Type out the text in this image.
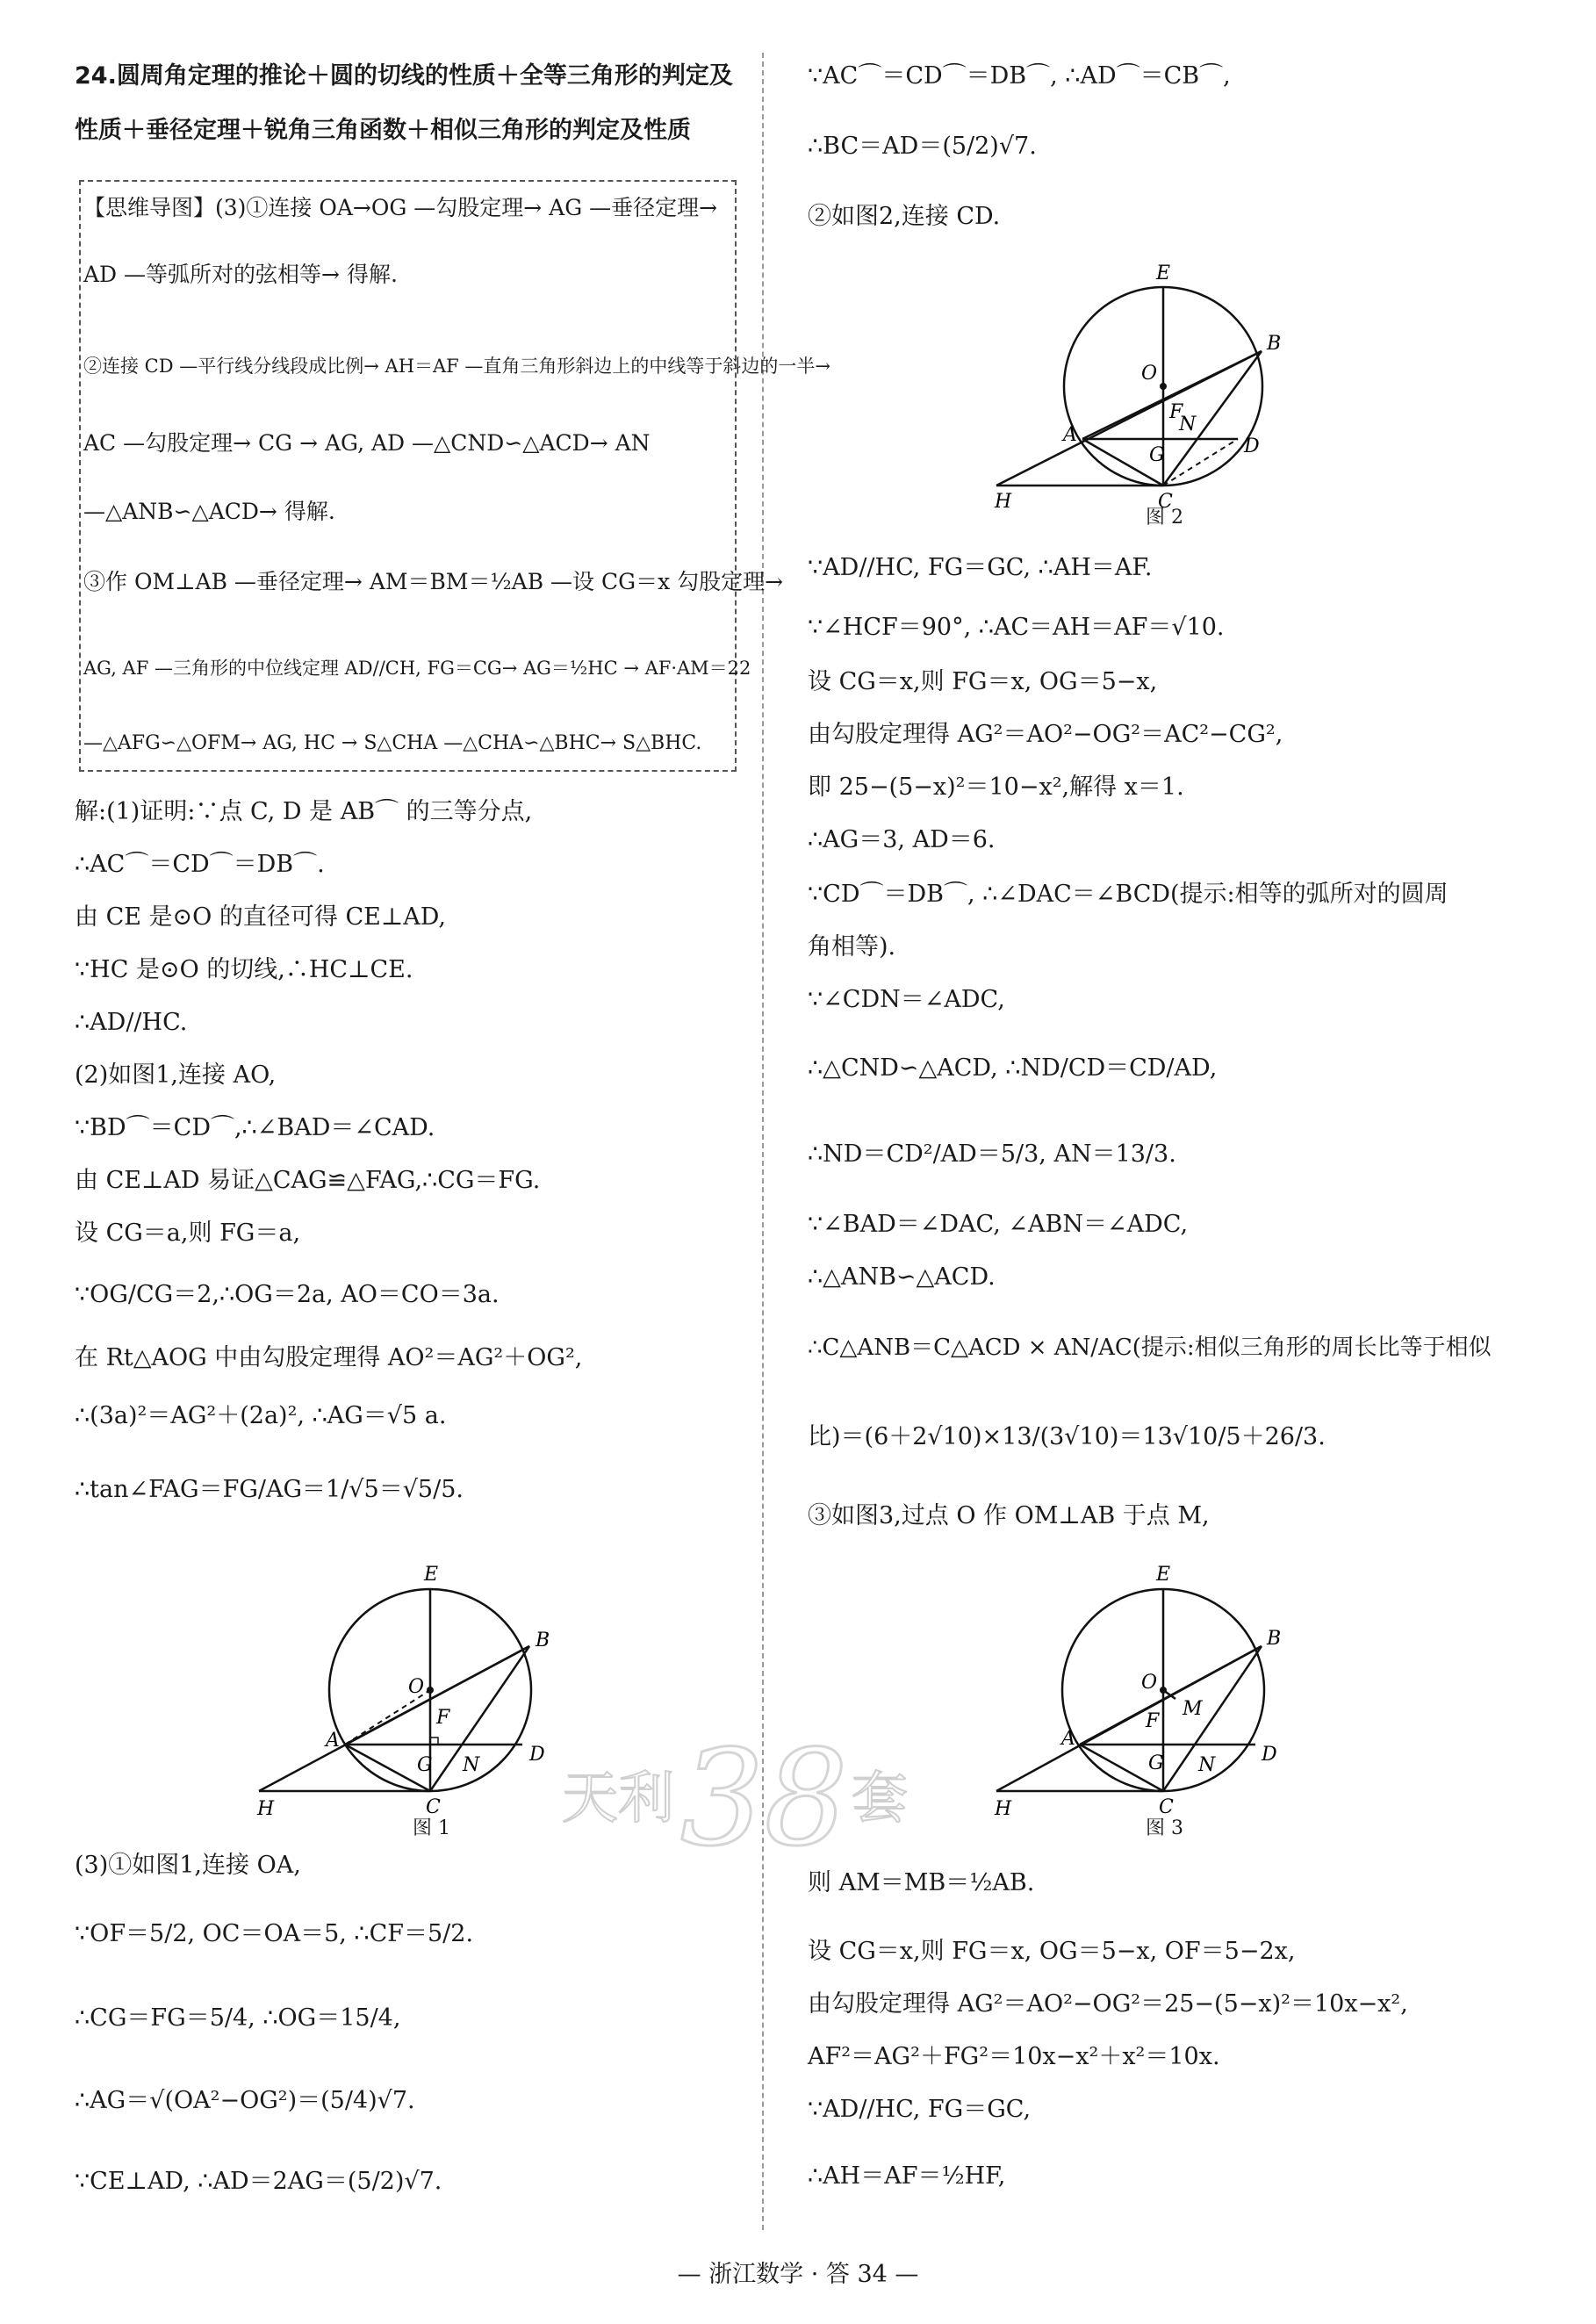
24.圆周角定理的推论＋圆的切线的性质＋全等三角形的判定及
性质＋垂径定理＋锐角三角函数＋相似三角形的判定及性质
【思维导图】(3)①连接 OA→OG —勾股定理→ AG —垂径定理→
AD —等弧所对的弦相等→ 得解.
②连接 CD —平行线分线段成比例→ AH＝AF —直角三角形斜边上的中线等于斜边的一半→
AC —勾股定理→ CG → AG, AD —△CND∽△ACD→ AN
—△ANB∽△ACD→ 得解.
③作 OM⊥AB —垂径定理→ AM＝BM＝½AB —设 CG＝x 勾股定理→
AG, AF —三角形的中位线定理 AD//CH, FG＝CG→ AG＝½HC → AF·AM＝22
—△AFG∽△OFM→ AG, HC → S△CHA —△CHA∽△BHC→ S△BHC.
解:(1)证明:∵点 C, D 是 AB⌒ 的三等分点,
∴AC⌒＝CD⌒＝DB⌒.
由 CE 是⊙O 的直径可得 CE⊥AD,
∵HC 是⊙O 的切线,∴HC⊥CE.
∴AD//HC.
(2)如图1,连接 AO,
∵BD⌒＝CD⌒,∴∠BAD＝∠CAD.
由 CE⊥AD 易证△CAG≌△FAG,∴CG＝FG.
设 CG＝a,则 FG＝a,
∵OG/CG＝2,∴OG＝2a, AO＝CO＝3a.
在 Rt△AOG 中由勾股定理得 AO²＝AG²＋OG²,
∴(3a)²＝AG²＋(2a)², ∴AG＝√5 a.
∴tan∠FAG＝FG/AG＝1/√5＝√5/5.
E
O
B
F
A
G N	D
H	C
图 1
(3)①如图1,连接 OA,
∵OF＝5/2, OC＝OA＝5, ∴CF＝5/2.
∴CG＝FG＝5/4, ∴OG＝15/4,
∴AG＝√(OA²−OG²)＝(5/4)√7.
∵CE⊥AD, ∴AD＝2AG＝(5/2)√7.
∵AC⌒＝CD⌒＝DB⌒, ∴AD⌒＝CB⌒,
∴BC＝AD＝(5/2)√7.
②如图2,连接 CD.
E
O
B
F
N
A
G	D
H	C
图 2
∵AD//HC, FG＝GC, ∴AH＝AF.
∵∠HCF＝90°, ∴AC＝AH＝AF＝√10.
设 CG＝x,则 FG＝x, OG＝5−x,
由勾股定理得 AG²＝AO²−OG²＝AC²−CG²,
即 25−(5−x)²＝10−x²,解得 x＝1.
∴AG＝3, AD＝6.
∵CD⌒＝DB⌒, ∴∠DAC＝∠BCD(提示:相等的弧所对的圆周
角相等).
∵∠CDN＝∠ADC,
∴△CND∽△ACD, ∴ND/CD＝CD/AD,
∴ND＝CD²/AD＝5/3, AN＝13/3.
∵∠BAD＝∠DAC, ∠ABN＝∠ADC,
∴△ANB∽△ACD.
∴C△ANB＝C△ACD × AN/AC(提示:相似三角形的周长比等于相似
比)＝(6＋2√10)×13/(3√10)＝13√10/5＋26/3.
③如图3,过点 O 作 OM⊥AB 于点 M,
E
O
B
M
F
A
G N D
H	C
图 3
则 AM＝MB＝½AB.
设 CG＝x,则 FG＝x, OG＝5−x, OF＝5−2x,
由勾股定理得 AG²＝AO²−OG²＝25−(5−x)²＝10x−x²,
AF²＝AG²＋FG²＝10x−x²＋x²＝10x.
∵AD//HC, FG＝GC,
∴AH＝AF＝½HF,
天利 38 套
— 浙江数学 · 答 34 —
